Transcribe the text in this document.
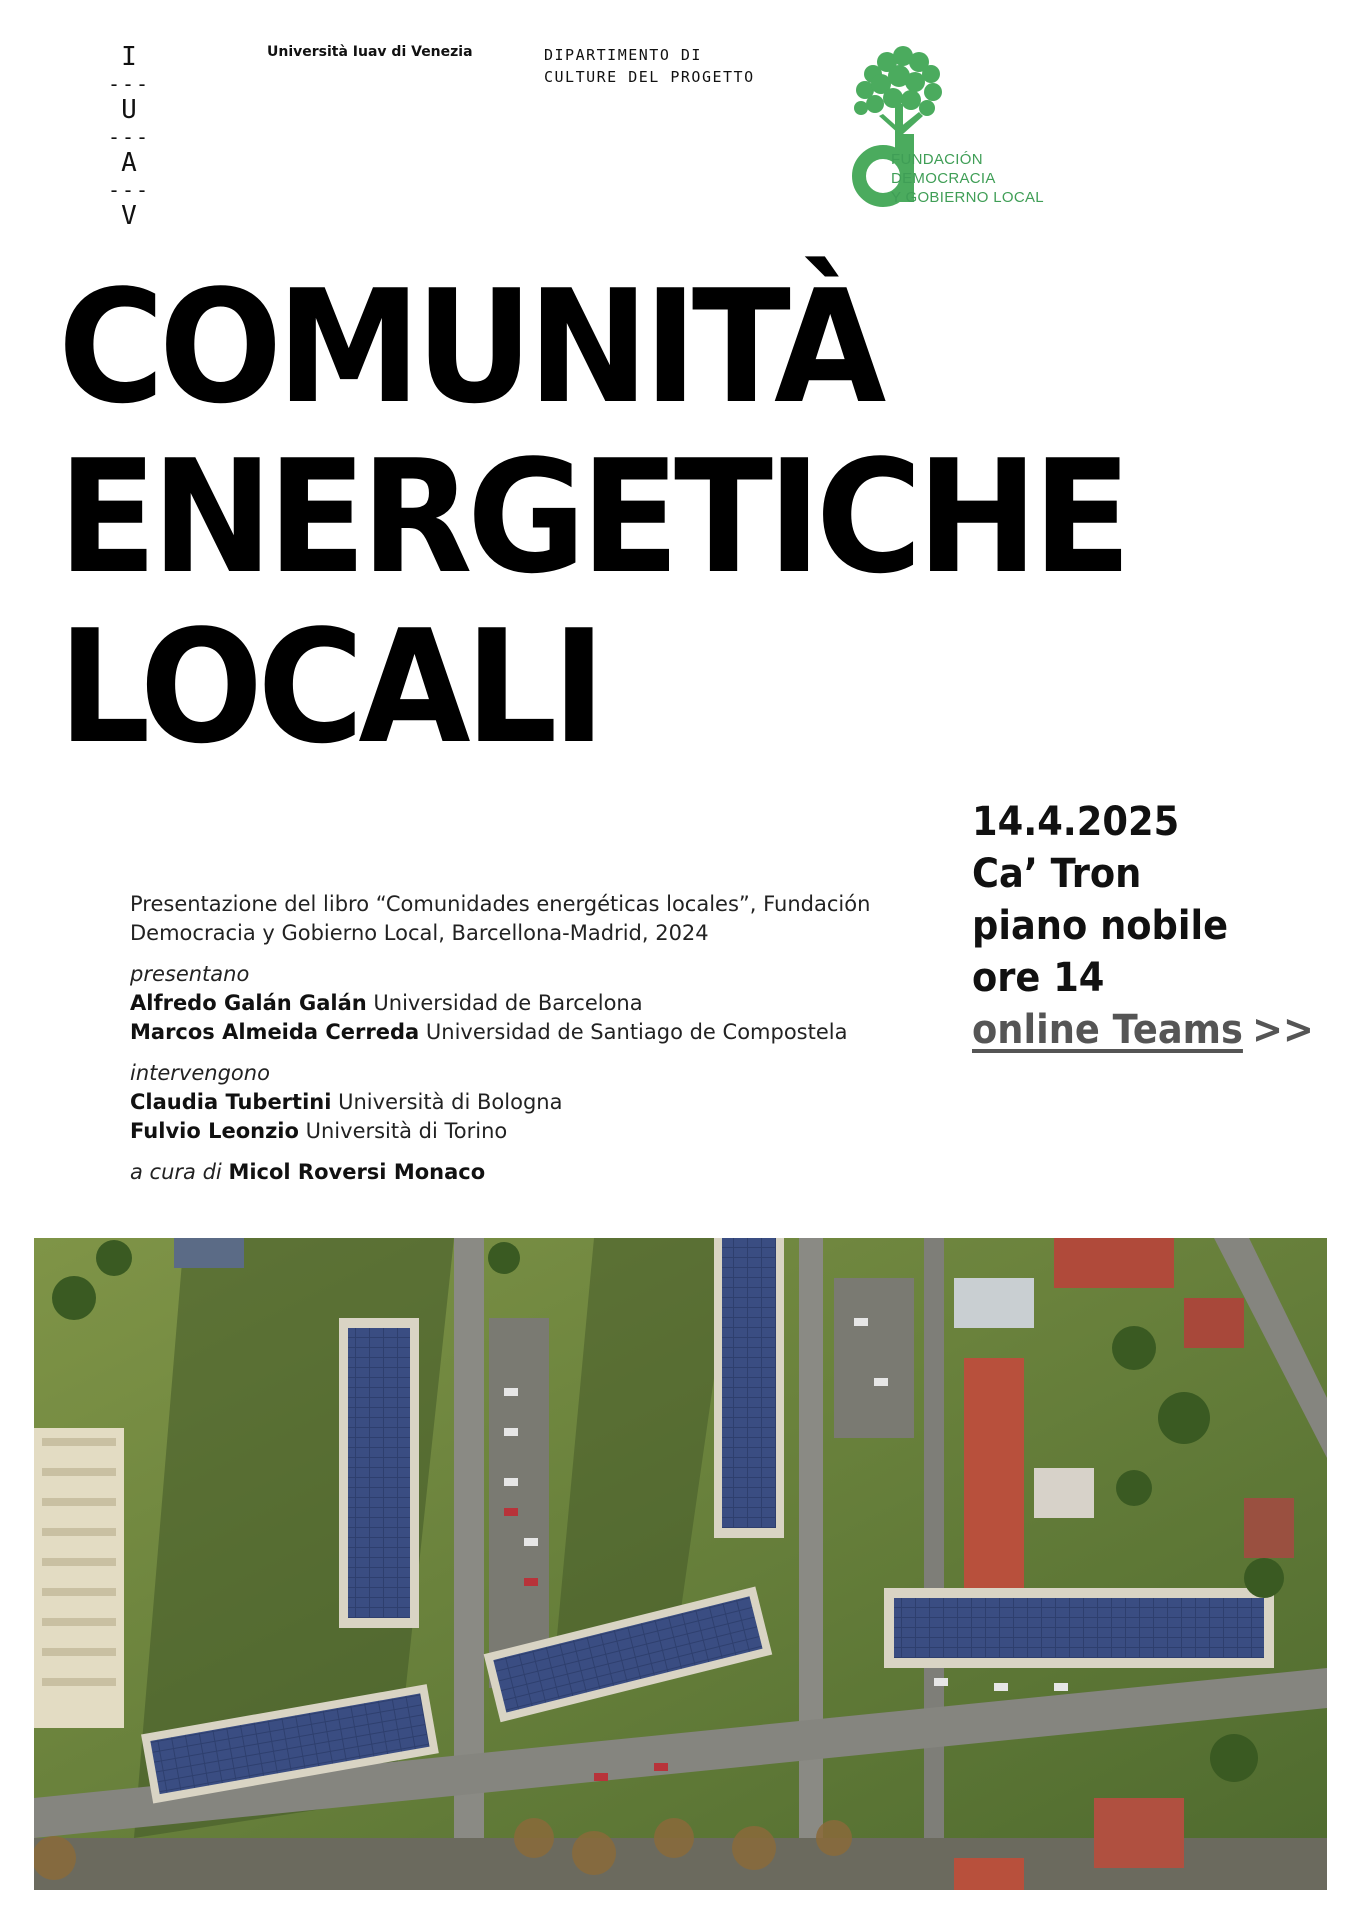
I
---
U
---
A
---
V
Università Iuav di Venezia	DIPARTIMENTO DI
CULTURE DEL PROGETTO
FUNDACIÓN
DEMOCRACIA
Y GOBIERNO LOCAL
COMUNITÀ
ENERGETICHE
LOCALI
14.4.2025
Ca’ Tron
piano nobile
ore 14
online Teams >>
Presentazione del libro “Comunidades energéticas locales”, Fundación
Democracia y Gobierno Local, Barcellona-Madrid, 2024
presentano
Alfredo Galán Galán Universidad de Barcelona
Marcos Almeida Cerreda Universidad de Santiago de Compostela
intervengono
Claudia Tubertini Università di Bologna
Fulvio Leonzio Università di Torino
a cura di Micol Roversi Monaco
